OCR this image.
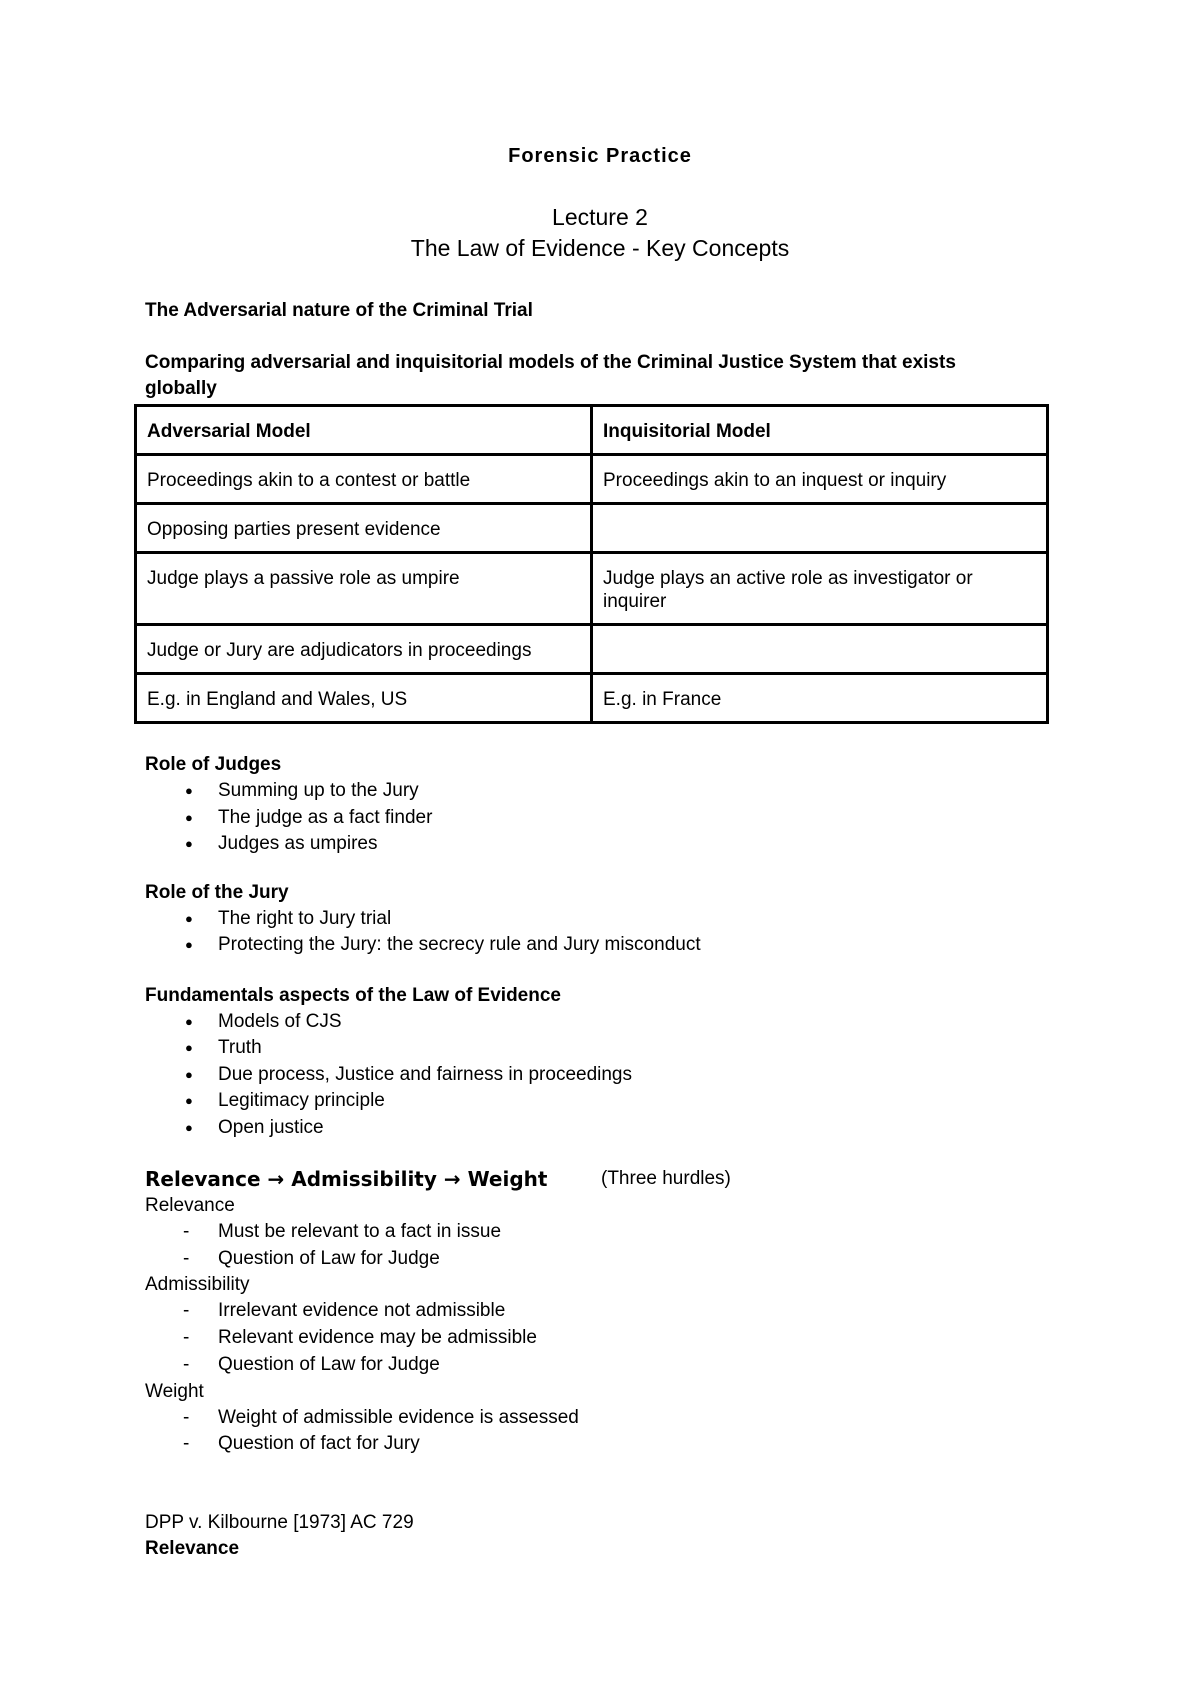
Forensic Practice
Lecture 2
The Law of Evidence - Key Concepts
The Adversarial nature of the Criminal Trial
Comparing adversarial and inquisitorial models of the Criminal Justice System that exists globally
Adversarial Model	Inquisitorial Model
Proceedings akin to a contest or battle	Proceedings akin to an inquest or inquiry
Opposing parties present evidence	
Judge plays a passive role as umpire	Judge plays an active role as investigator or inquirer
Judge or Jury are adjudicators in proceedings	
E.g. in England and Wales, US	E.g. in France
Role of Judges
● Summing up to the Jury
● The judge as a fact finder
● Judges as umpires
Role of the Jury
● The right to Jury trial
● Protecting the Jury: the secrecy rule and Jury misconduct
Fundamentals aspects of the Law of Evidence
● Models of CJS
● Truth
● Due process, Justice and fairness in proceedings
● Legitimacy principle
● Open justice
Relevance → Admissibility → Weight	(Three hurdles)
Relevance
- Must be relevant to a fact in issue
- Question of Law for Judge
Admissibility
- Irrelevant evidence not admissible
- Relevant evidence may be admissible
- Question of Law for Judge
Weight
- Weight of admissible evidence is assessed
- Question of fact for Jury
DPP v. Kilbourne [1973] AC 729
Relevance
